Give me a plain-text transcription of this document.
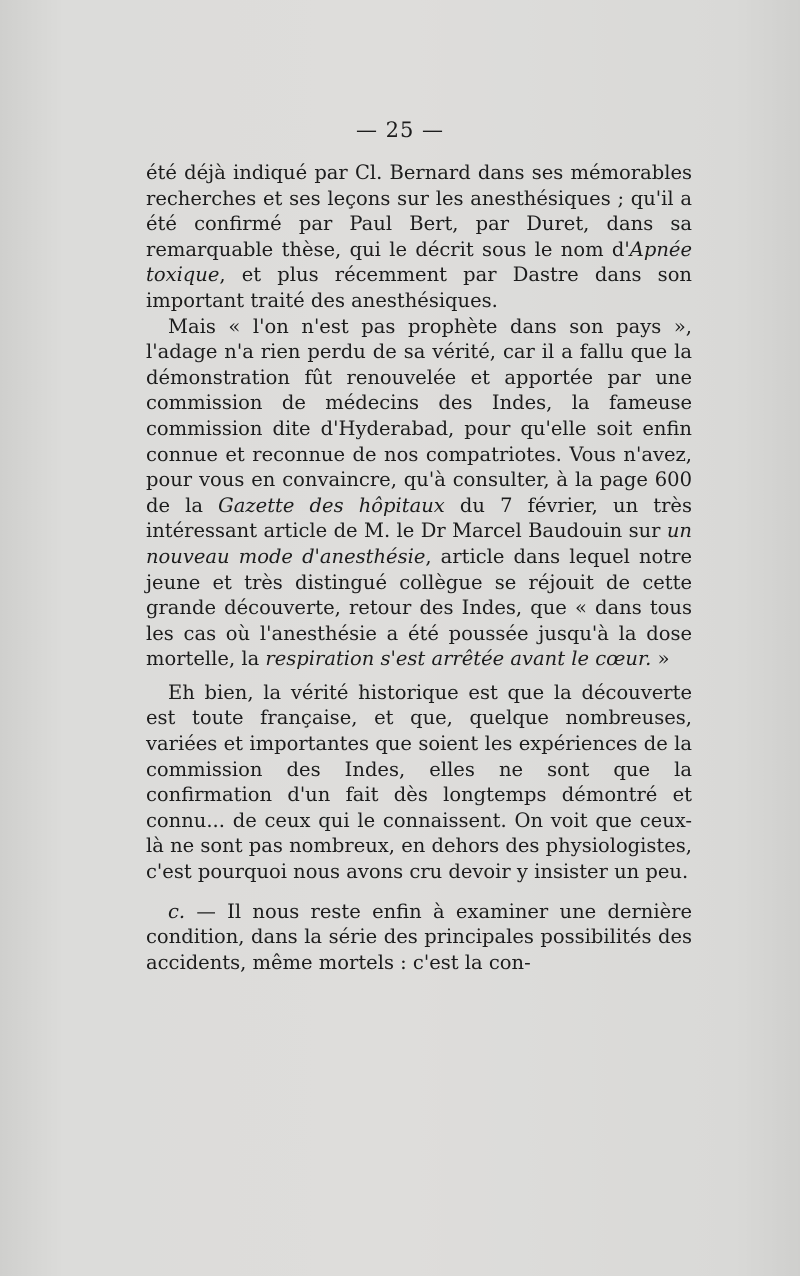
— 25 —

été déjà indiqué par Cl. Bernard dans ses mémorables recherches et ses leçons sur les anesthésiques ; qu'il a été confirmé par Paul Bert, par Duret, dans sa remarquable thèse, qui le décrit sous le nom d'Apnée toxique, et plus récemment par Dastre dans son important traité des anesthésiques.

Mais « l'on n'est pas prophète dans son pays », l'adage n'a rien perdu de sa vérité, car il a fallu que la démonstration fût renouvelée et apportée par une commission de médecins des Indes, la fameuse commission dite d'Hyderabad, pour qu'elle soit enfin connue et reconnue de nos compatriotes. Vous n'avez, pour vous en convaincre, qu'à consulter, à la page 600 de la Gazette des hôpitaux du 7 février, un très intéressant article de M. le Dr Marcel Baudouin sur un nouveau mode d'anesthésie, article dans lequel notre jeune et très distingué collègue se réjouit de cette grande découverte, retour des Indes, que « dans tous les cas où l'anesthésie a été poussée jusqu'à la dose mortelle, la respiration s'est arrêtée avant le cœur. »

Eh bien, la vérité historique est que la découverte est toute française, et que, quelque nombreuses, variées et importantes que soient les expériences de la commission des Indes, elles ne sont que la confirmation d'un fait dès longtemps démontré et connu... de ceux qui le connaissent. On voit que ceux-là ne sont pas nombreux, en dehors des physiologistes, c'est pourquoi nous avons cru devoir y insister un peu.

c. — Il nous reste enfin à examiner une dernière condition, dans la série des principales possibilités des accidents, même mortels : c'est la con-
